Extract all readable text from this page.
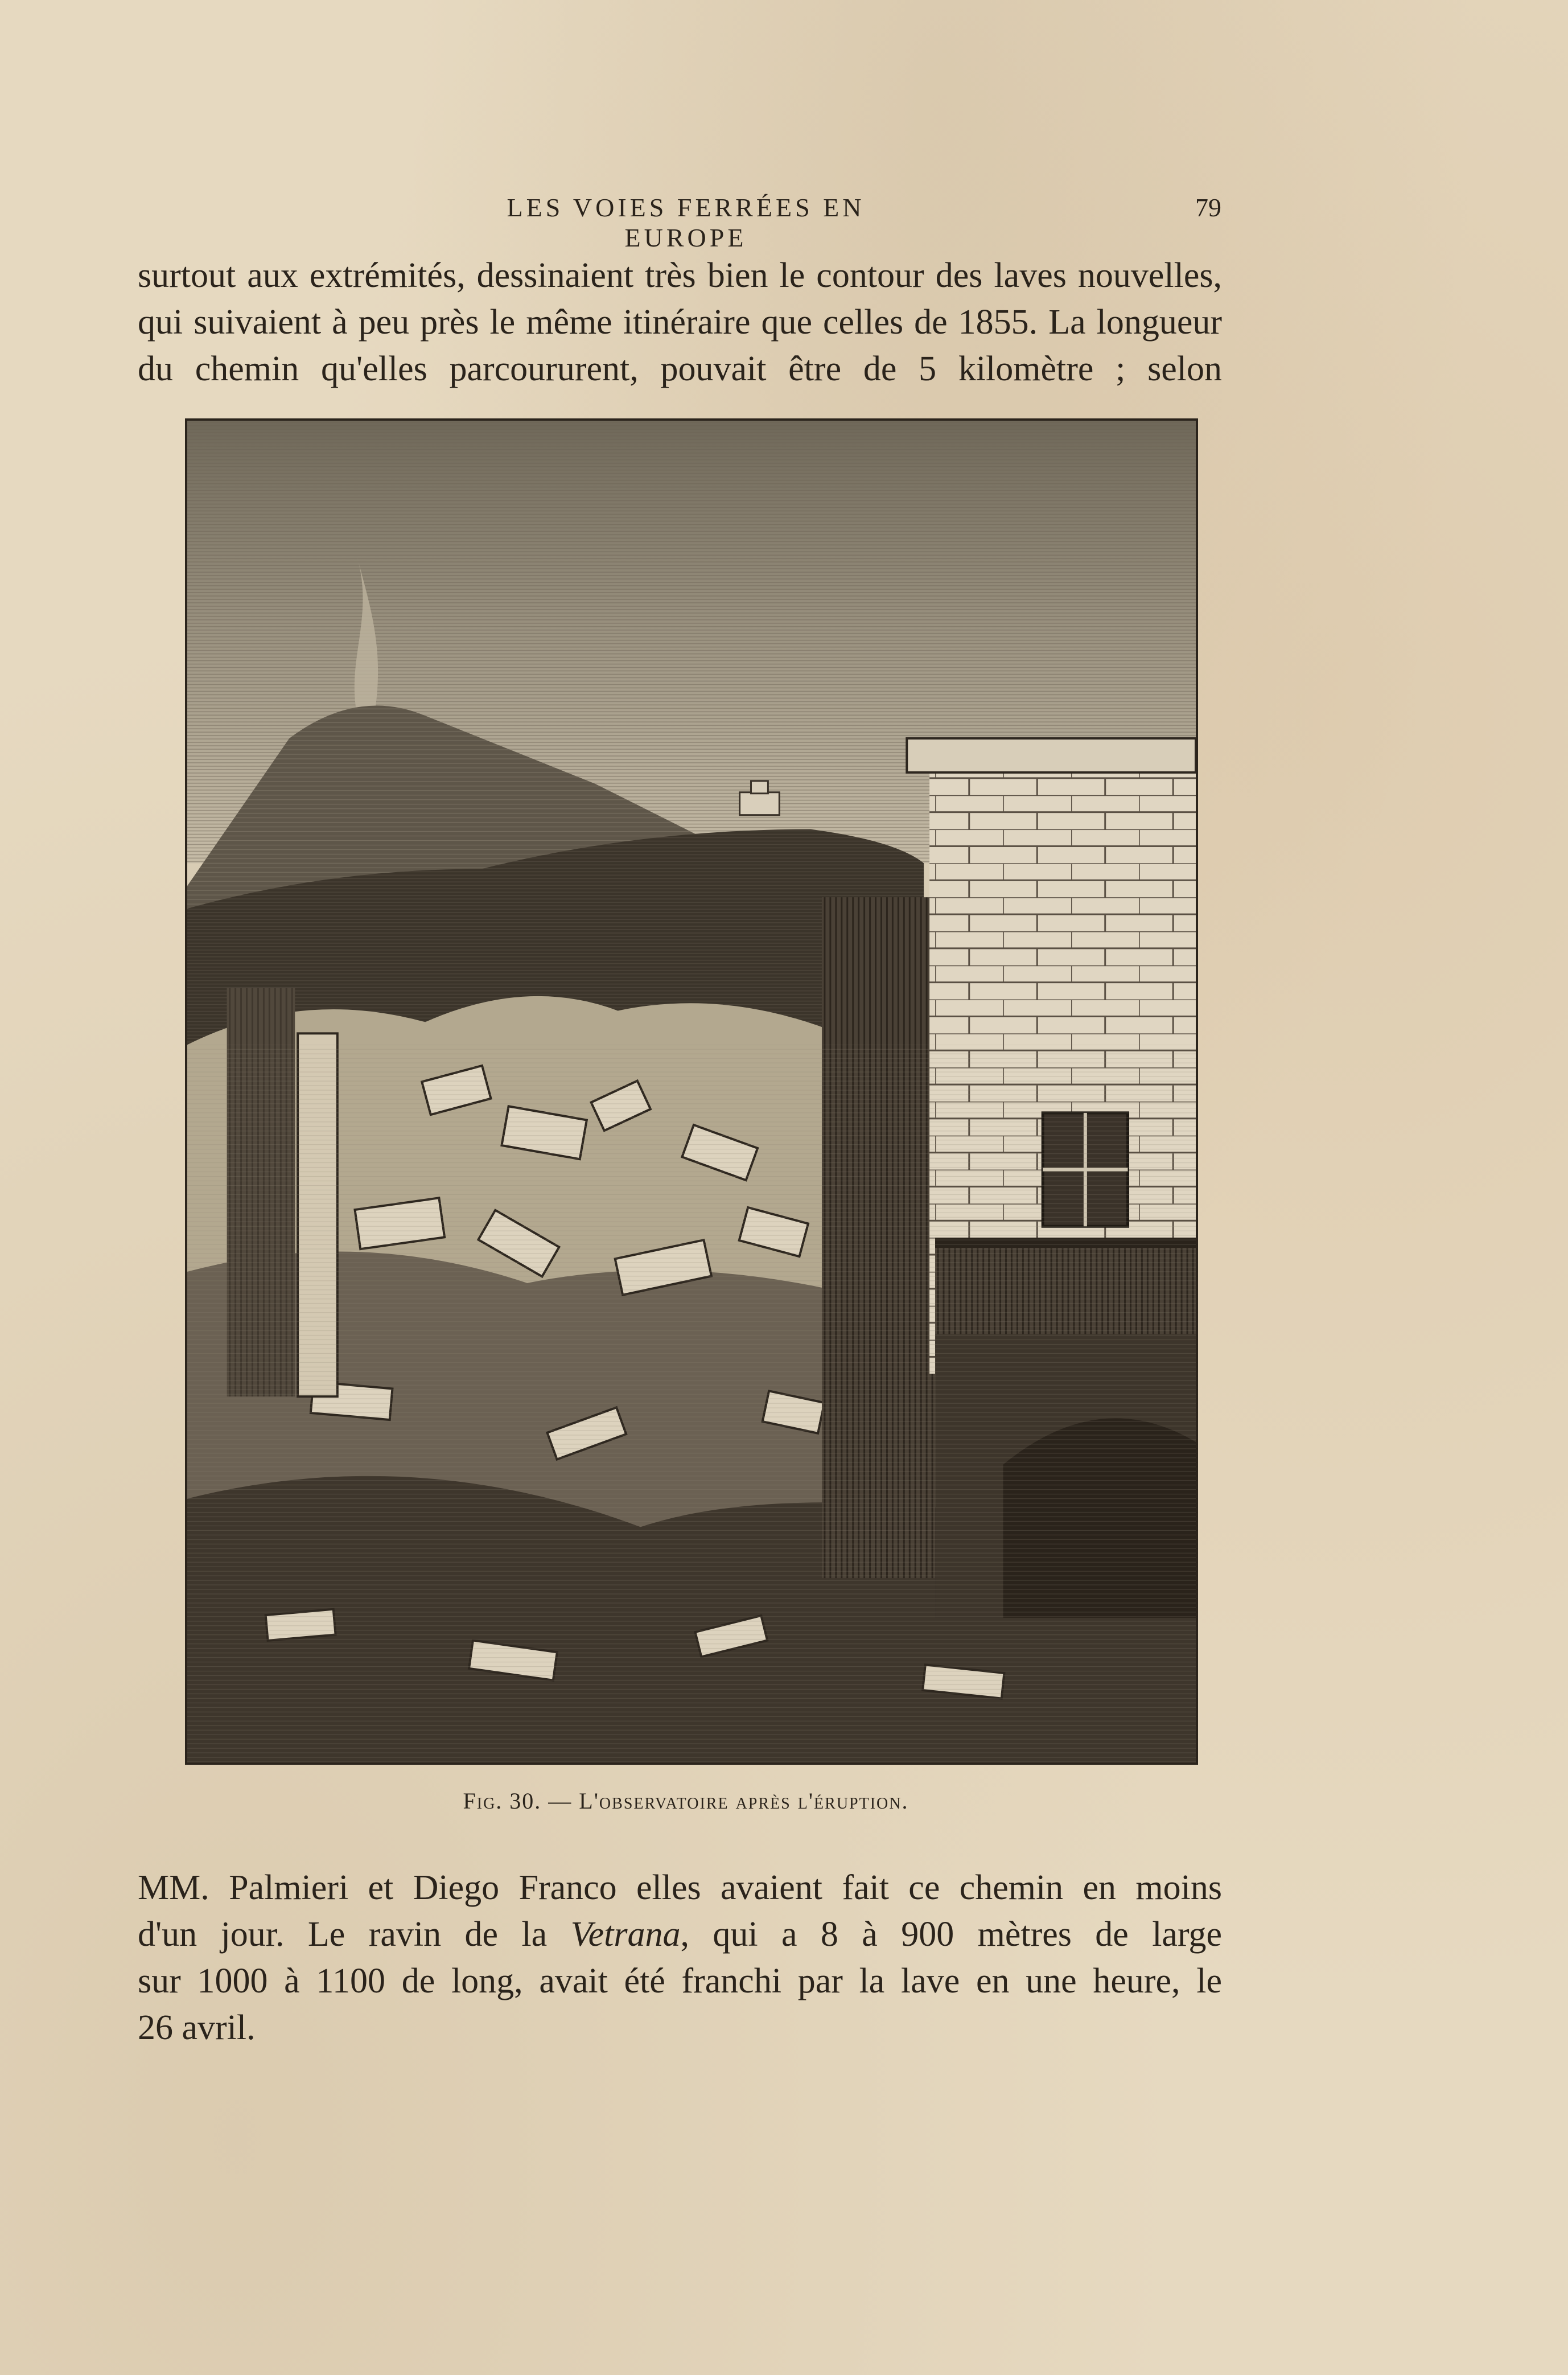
LES VOIES FERRÉES EN EUROPE
79
surtout aux extrémités, dessinaient très bien le contour des laves nouvelles,
qui suivaient à peu près le même itinéraire que celles de 1855. La longueur
du chemin qu'elles parcoururent, pouvait être de 5 kilomètre ; selon
Fig. 30. — L'observatoire après l'éruption.
MM. Palmieri et Diego Franco elles avaient fait ce chemin en moins
d'un jour. Le ravin de la Vetrana, qui a 8 à 900 mètres de large
sur 1000 à 1100 de long, avait été franchi par la lave en une heure, le
26 avril.
